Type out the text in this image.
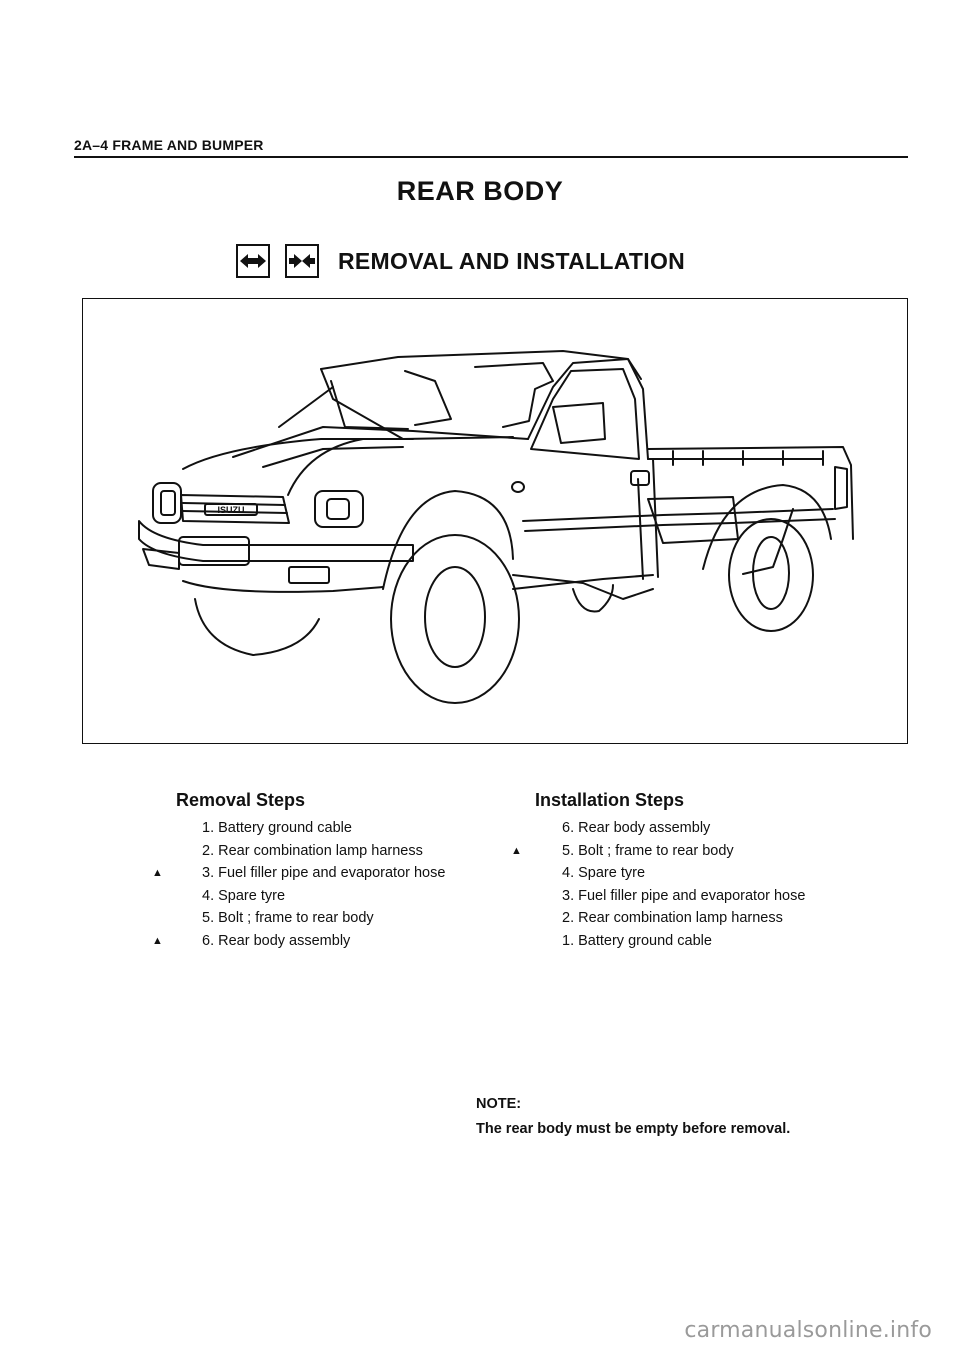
2A–4 FRAME AND BUMPER
REAR BODY
REMOVAL AND INSTALLATION
ISUZU
Removal Steps
1. Battery ground cable
2. Rear combination lamp harness
▲	3. Fuel filler pipe and evaporator hose
4. Spare tyre
5. Bolt ; frame to rear body
▲	6. Rear body assembly
Installation Steps
6. Rear body assembly
▲	5. Bolt ; frame to rear body
4. Spare tyre
3. Fuel filler pipe and evaporator hose
2. Rear combination lamp harness
1. Battery ground cable
NOTE:
The rear body must be empty before removal.
carmanualsonline.info
